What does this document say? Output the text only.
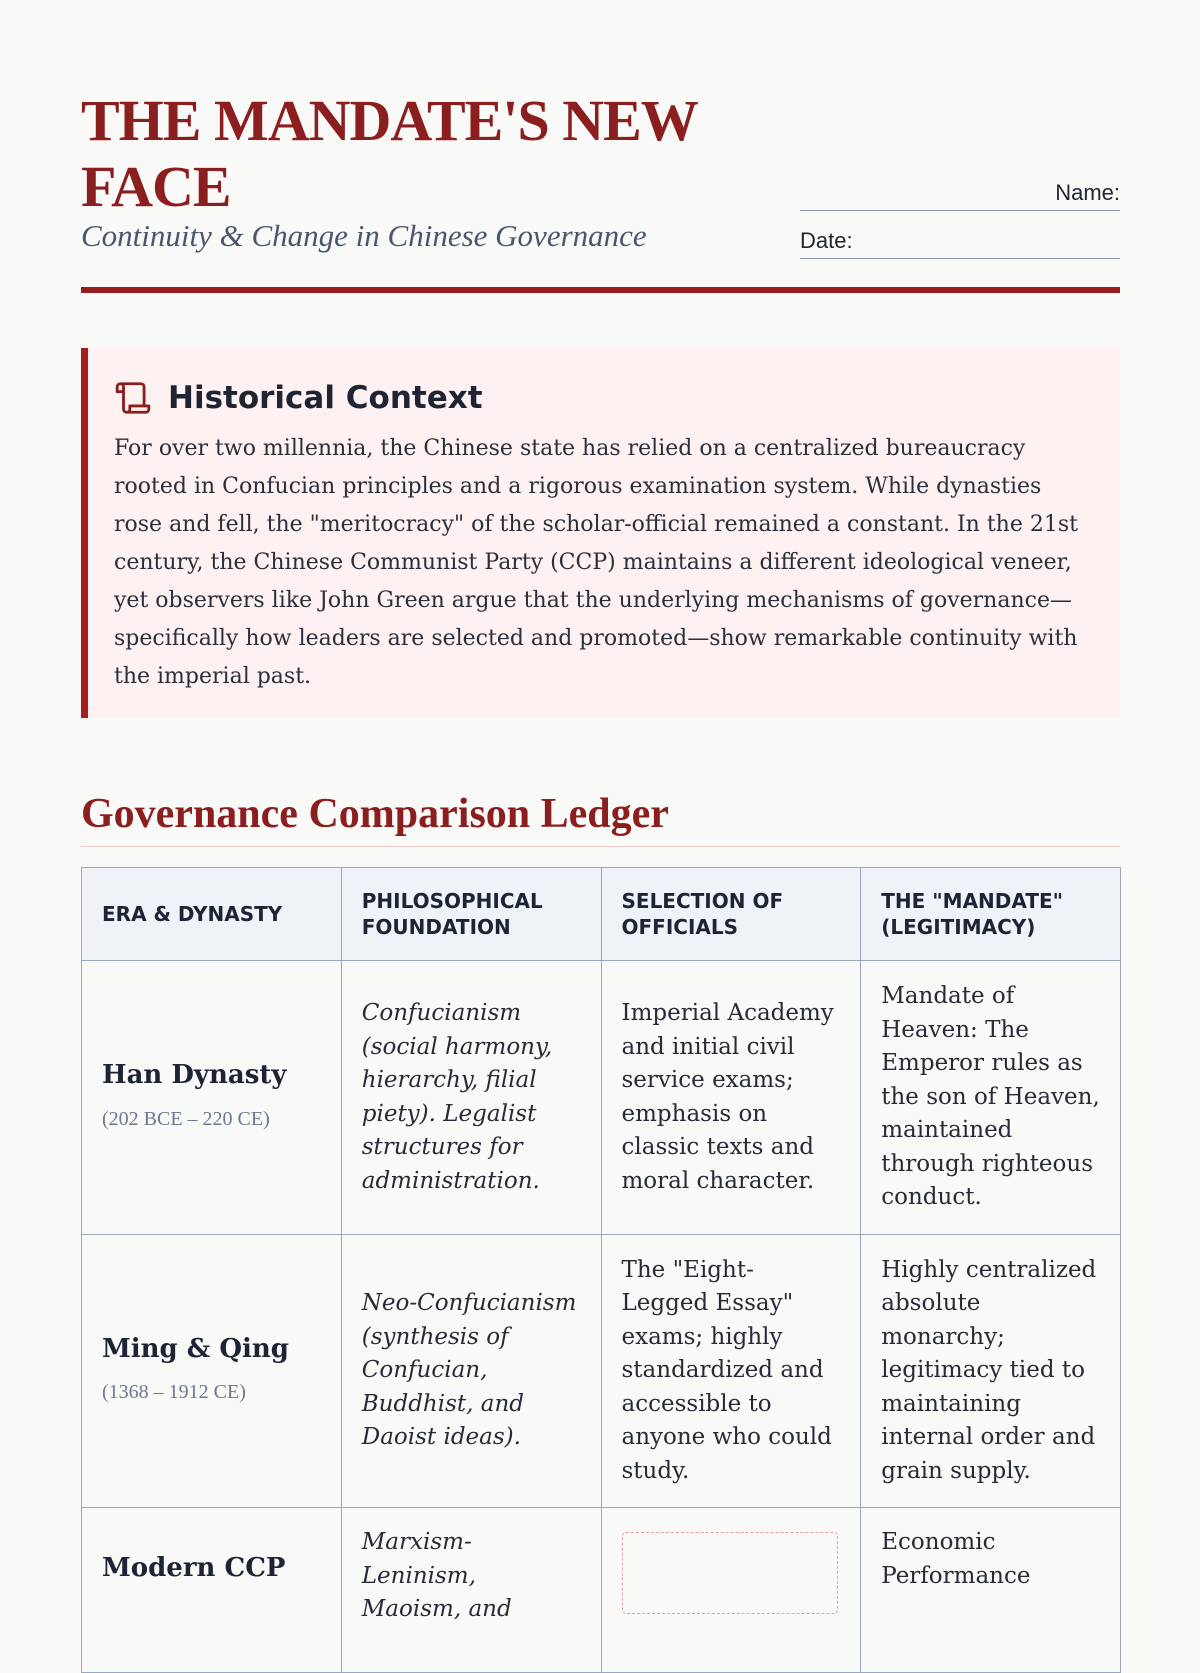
THE MANDATE'S NEW FACE

Continuity & Change in Chinese Governance

Name:
Date:
Historical Context
For over two millennia, the Chinese state has relied on a centralized bureaucracy rooted in Confucian principles and a rigorous examination system. While dynasties rose and fell, the "meritocracy" of the scholar-official remained a constant. In the 21st century, the Chinese Communist Party (CCP) maintains a different ideological veneer, yet observers like John Green argue that the underlying mechanisms of governance—specifically how leaders are selected and promoted—show remarkable continuity with the imperial past.
Governance Comparison Ledger
ERA & DYNASTY	PHILOSOPHICAL FOUNDATION	SELECTION OF OFFICIALS	THE "MANDATE" (LEGITIMACY)

Han Dynasty
(202 BCE – 220 CE)	Confucianism (social harmony, hierarchy, filial piety). Legalist structures for administration.	Imperial Academy and initial civil service exams; emphasis on classic texts and moral character.	Mandate of Heaven: The Emperor rules as the son of Heaven, maintained through righteous conduct.

Ming & Qing
(1368 – 1912 CE)	Neo-Confucianism (synthesis of Confucian, Buddhist, and Daoist ideas).	The "Eight-Legged Essay" exams; highly standardized and accessible to anyone who could study.	Highly centralized absolute monarchy; legitimacy tied to maintaining internal order and grain supply.

Modern CCP	Marxism-Leninism, Maoism, and		Economic Performance
